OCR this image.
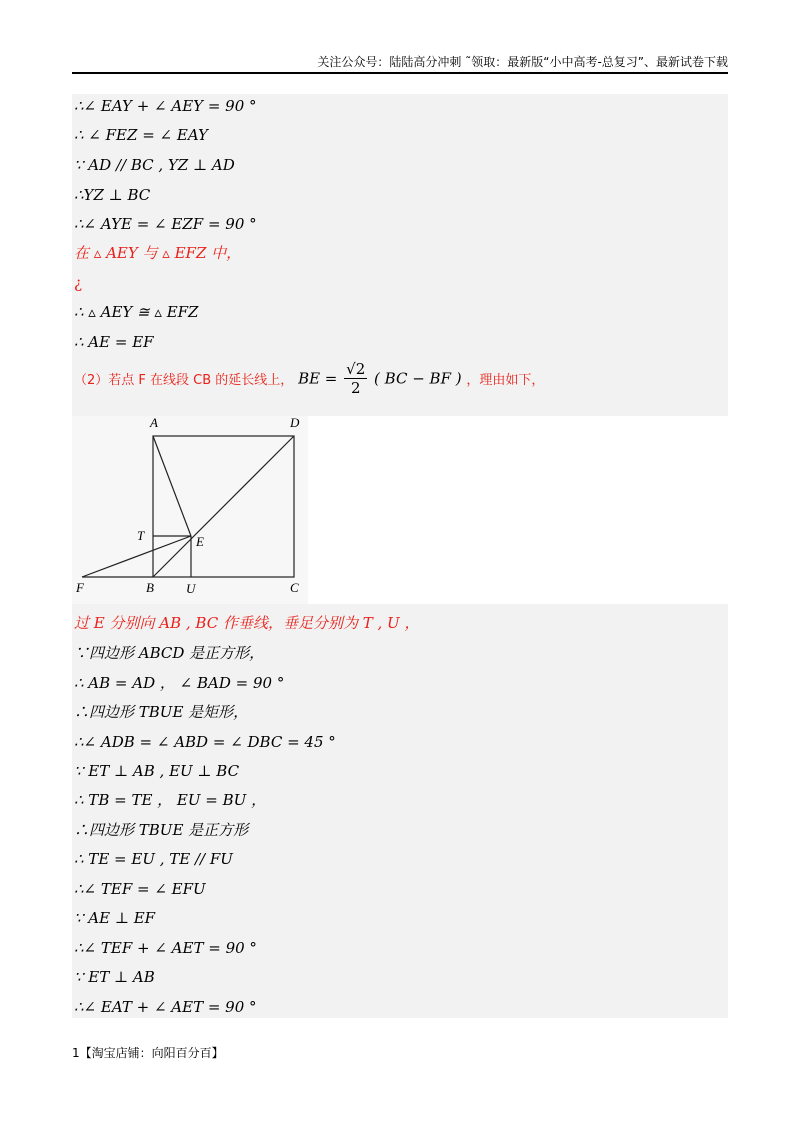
关注公众号：陆陆高分冲刺 ˜领取：最新版“小中高考-总复习”、最新试卷下载
∴∠ EAY + ∠ AEY = 90 °
∴ ∠ FEZ = ∠ EAY
∵ AD // BC , YZ ⊥ AD
∴YZ ⊥ BC
∴∠ AYE = ∠ EZF = 90 °
在 ▵ AEY 与 ▵ EFZ 中，
¿
∴ ▵ AEY ≅ ▵ EFZ
∴ AE = EF
（2）若点 F 在线段 CB 的延长线上， BE = $\frac{√2}{2}$ ( BC − BF ) ，理由如下，
A	D
T	E
F	B U	C
过 E 分别向 AB , BC 作垂线，垂足分别为 T , U ，
∵四边形 ABCD 是正方形，
∴ AB = AD ， ∠ BAD = 90 °
∴四边形 TBUE 是矩形，
∴∠ ADB = ∠ ABD = ∠ DBC = 45 °
∵ ET ⊥ AB , EU ⊥ BC
∴ TB = TE ， EU = BU ，
∴四边形 TBUE 是正方形
∴ TE = EU , TE // FU
∴∠ TEF = ∠ EFU
∵ AE ⊥ EF
∴∠ TEF + ∠ AET = 90 °
∵ ET ⊥ AB
∴∠ EAT + ∠ AET = 90 °
1【淘宝店铺：向阳百分百】
